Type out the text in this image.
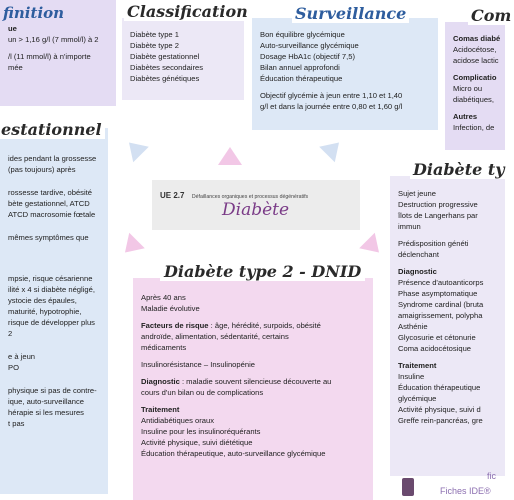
finition
ue
un > 1,16 g/l (7 mmol/l) à 2
/l (11 mmol/l) à n'importe
mée
Diabète type 1
Diabète type 2
Diabète gestationnel
Diabètes secondaires
Diabètes génétiques
Classification
Bon équilibre glycémique
Auto-surveillance glycémique
Dosage HbA1c (objectif 7,5)
Bilan annuel approfondi
Éducation thérapeutique
Objectif glycémie à jeun entre 1,10 et 1,40
g/l et dans la journée entre 0,80 et 1,60 g/l
Surveillance
Comas diabé
Acidocétose,
acidose lactic
Complicatio
Micro ou
diabétiques,
Autres
Infection, de
Com
ides pendant la grossesse
(pas toujours) après
rossesse tardive, obésité
bète gestationnel, ATCD
ATCD macrosomie fœtale
mêmes symptômes que
mpsie, risque césarienne
ilité x 4 si diabète négligé,
ystocie des épaules,
maturité, hypotrophie,
risque de développer plus
2
e à jeun
PO
physique si pas de contre-
ique, auto-surveillance
hérapie si les mesures
t pas
estationnel
UE 2.7 Défaillances organiques et processus dégénératifs
Diabète
Après 40 ans
Maladie évolutive
Facteurs de risque : âge, hérédité, surpoids, obésité
androïde, alimentation, sédentarité, certains
médicaments
Insulinorésistance – Insulinopénie
Diagnostic : maladie souvent silencieuse découverte au
cours d'un bilan ou de complications
Traitement
Antidiabétiques oraux
Insuline pour les insulinoréquérants
Activité physique, suivi diététique
Éducation thérapeutique, auto-surveillance glycémique
Diabète type 2 - DNID
Sujet jeune
Destruction progressive
îlots de Langerhans par
immun
Prédisposition généti
déclenchant
Diagnostic
Présence d'autoanticorps
Phase asymptomatique
Syndrome cardinal (bruta
amaigrissement, polypha
Asthénie
Glycosurie et cétonurie
Coma acidocétosique
Traitement
Insuline
Éducation thérapeutique
glycémique
Activité physique, suivi d
Greffe rein-pancréas, gre
Diabète ty
fic
Fiches IDE®
